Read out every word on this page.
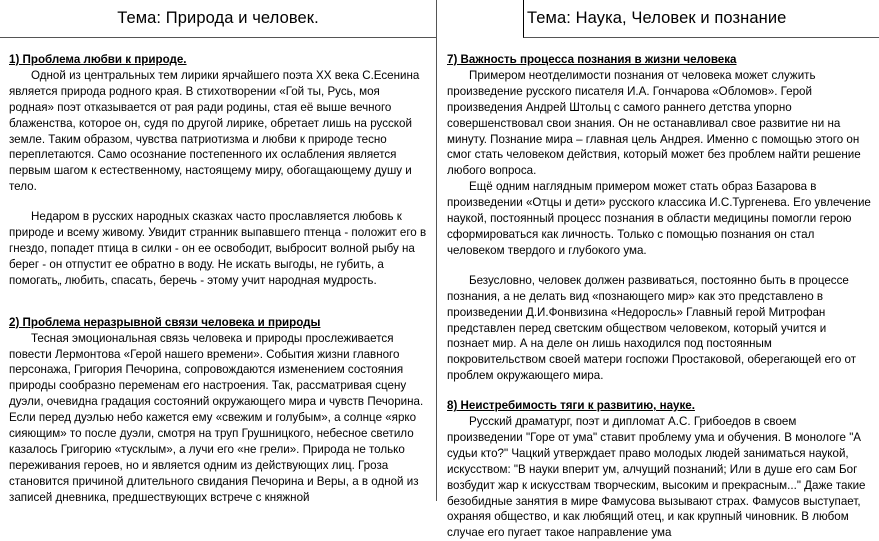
Тема: Природа и человек.

1) Проблема любви к природе.

Одной из центральных тем лирики ярчайшего поэта XX века С.Есенина является природа родного края. В стихотворении «Гой ты, Русь, моя родная» поэт отказывается от рая ради родины, стая её выше вечного блаженства, которое он, судя по другой лирике, обретает лишь на русской земле. Таким образом, чувства патриотизма и любви к природе тесно переплетаются. Само осознание постепенного их ослабления является первым шагом к естественному, настоящему миру, обогащающему душу и тело.

Недаром в русских народных сказках часто прославляется любовь к природе и всему живому. Увидит странник выпавшего птенца - положит его в гнездо, попадет птица в силки - он ее освободит, выбросит волной рыбу на берег - он отпустит ее обратно в воду. Не искать выгоды, не губить, а помогать„ любить, спасать, беречь - этому учит народная мудрость.

2) Проблема неразрывной связи человека и природы

Тесная эмоциональная связь человека и природы прослеживается

повести Лермонтова «Герой нашего времени». События жизни главного персонажа, Григория Печорина, сопровождаются изменением состояния природы сообразно переменам его настроения. Так, рассматривая сцену дуэли, очевидна градация состояний окружающего мира и чувств Печорина. Если перед дуэлью небо кажется ему «свежим и голубым», а солнце «ярко сияющим» то после дуэли, смотря на труп Грушницкого, небесное светило казалось Григорию «тусклым», а лучи его «не грели». Природа не только переживания героев, но и является одним из действующих лиц. Гроза становится причиной длительного свидания Печорина и Веры, а в одной из записей дневника, предшествующих встрече с княжной

Тема: Наука, Человек и познание

7) Важность процесса познания в жизни человека

Примером неотделимости познания от человека может служить произведение русского писателя И.А. Гончарова «Обломов». Герой произведения Андрей Штольц с самого раннего детства упорно совершенствовал свои знания. Он не останавливал свое развитие ни на минуту. Познание мира – главная цель Андрея. Именно с помощью этого он смог стать человеком действия, который может без проблем найти решение любого вопроса.

Ещё одним наглядным примером может стать образ Базарова в произведении «Отцы и дети» русского классика И.С.Тургенева. Его увлечение наукой, постоянный процесс познания в области медицины помогли герою сформироваться как личность. Только с помощью познания он стал человеком твердого и глубокого ума.

Безусловно, человек должен развиваться, постоянно быть в процессе познания, а не делать вид «познающего мир» как это представлено в произведении Д.И.Фонвизина «Недоросль» Главный герой Митрофан представлен перед светским обществом человеком, который учится и познает мир. А на деле он лишь находился под постоянным покровительством своей матери госпожи Простаковой, оберегающей его от проблем окружающего мира.

8) Неистребимость тяги к развитию, науке.

Русский драматург, поэт и дипломат А.С. Грибоедов в своем произведении "Горе от ума" ставит проблему ума и обучения. В монологе "А судьи кто?" Чацкий утверждает право молодых людей заниматься наукой, искусством: "В науки вперит ум, алчущий познаний; Или в душе его сам Бог возбудит жар к искусствам творческим, высоким и прекрасным..." Даже такие безобидные занятия в мире Фамусова вызывают страх. Фамусов выступает, охраняя общество, и как любящий отец, и как крупный чиновник. В любом случае его пугает такое направление ума
